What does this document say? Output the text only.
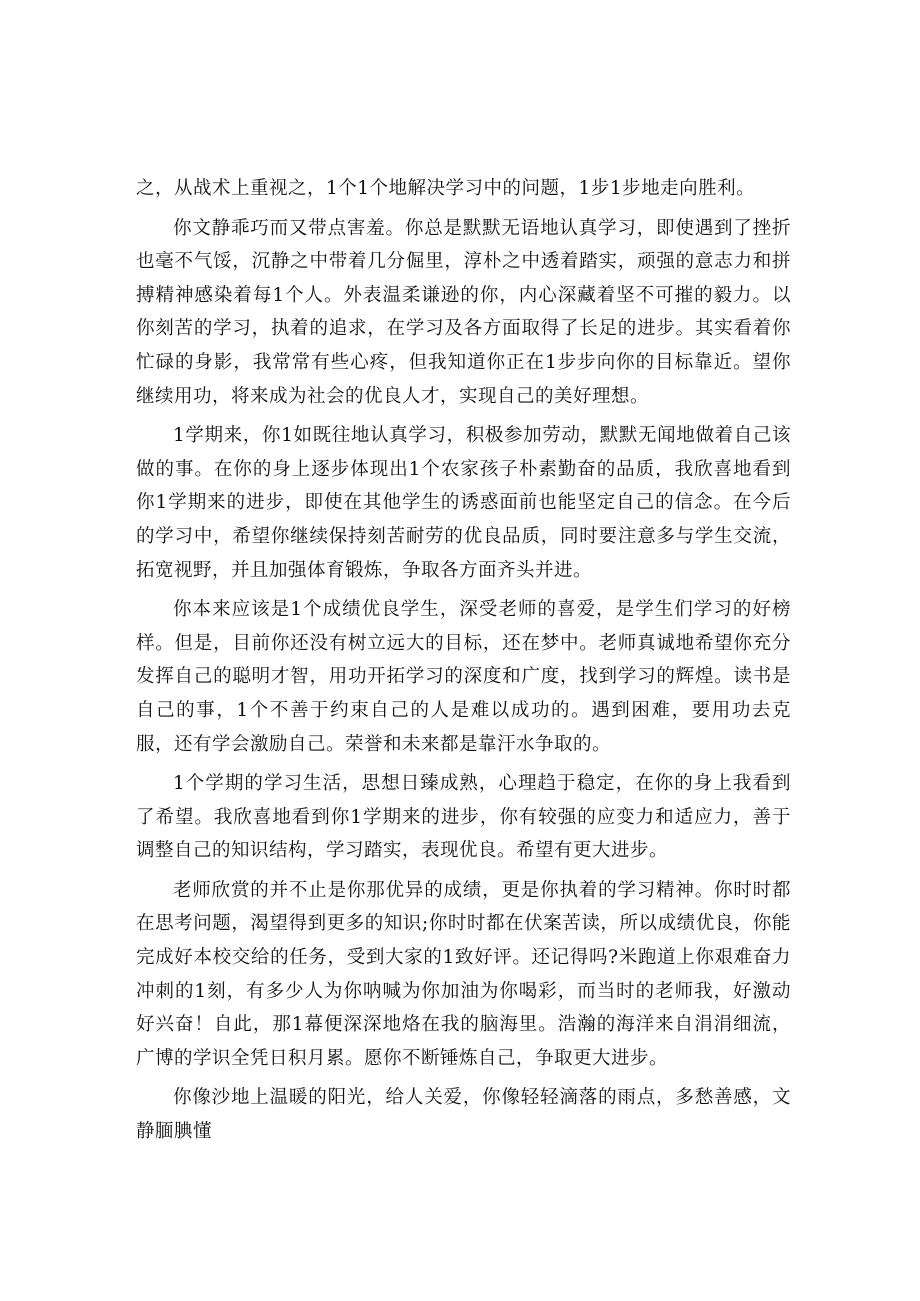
之，从战术上重视之，1个1个地解决学习中的问题，1步1步地走向胜利。

你文静乖巧而又带点害羞。你总是默默无语地认真学习，即使遇到了挫折也毫不气馁，沉静之中带着几分倔里，淳朴之中透着踏实，顽强的意志力和拼搏精神感染着每1个人。外表温柔谦逊的你，内心深藏着坚不可摧的毅力。以你刻苦的学习，执着的追求，在学习及各方面取得了长足的进步。其实看着你忙碌的身影，我常常有些心疼，但我知道你正在1步步向你的目标靠近。望你继续用功，将来成为社会的优良人才，实现自己的美好理想。

1学期来，你1如既往地认真学习，积极参加劳动，默默无闻地做着自己该做的事。在你的身上逐步体现出1个农家孩子朴素勤奋的品质，我欣喜地看到你1学期来的进步，即使在其他学生的诱惑面前也能坚定自己的信念。在今后的学习中，希望你继续保持刻苦耐劳的优良品质，同时要注意多与学生交流，拓宽视野，并且加强体育锻炼，争取各方面齐头并进。

你本来应该是1个成绩优良学生，深受老师的喜爱，是学生们学习的好榜样。但是，目前你还没有树立远大的目标，还在梦中。老师真诚地希望你充分发挥自己的聪明才智，用功开拓学习的深度和广度，找到学习的辉煌。读书是自己的事，1个不善于约束自己的人是难以成功的。遇到困难，要用功去克服，还有学会激励自己。荣誉和未来都是靠汗水争取的。

1个学期的学习生活，思想日臻成熟，心理趋于稳定，在你的身上我看到了希望。我欣喜地看到你1学期来的进步，你有较强的应变力和适应力，善于调整自己的知识结构，学习踏实，表现优良。希望有更大进步。

老师欣赏的并不止是你那优异的成绩，更是你执着的学习精神。你时时都在思考问题，渴望得到更多的知识;你时时都在伏案苦读，所以成绩优良，你能完成好本校交给的任务，受到大家的1致好评。还记得吗?米跑道上你艰难奋力冲刺的1刻，有多少人为你呐喊为你加油为你喝彩，而当时的老师我，好激动好兴奋！自此，那1幕便深深地烙在我的脑海里。浩瀚的海洋来自涓涓细流，广博的学识全凭日积月累。愿你不断锤炼自己，争取更大进步。

你像沙地上温暖的阳光，给人关爱，你像轻轻滴落的雨点，多愁善感，文静腼腆懂
